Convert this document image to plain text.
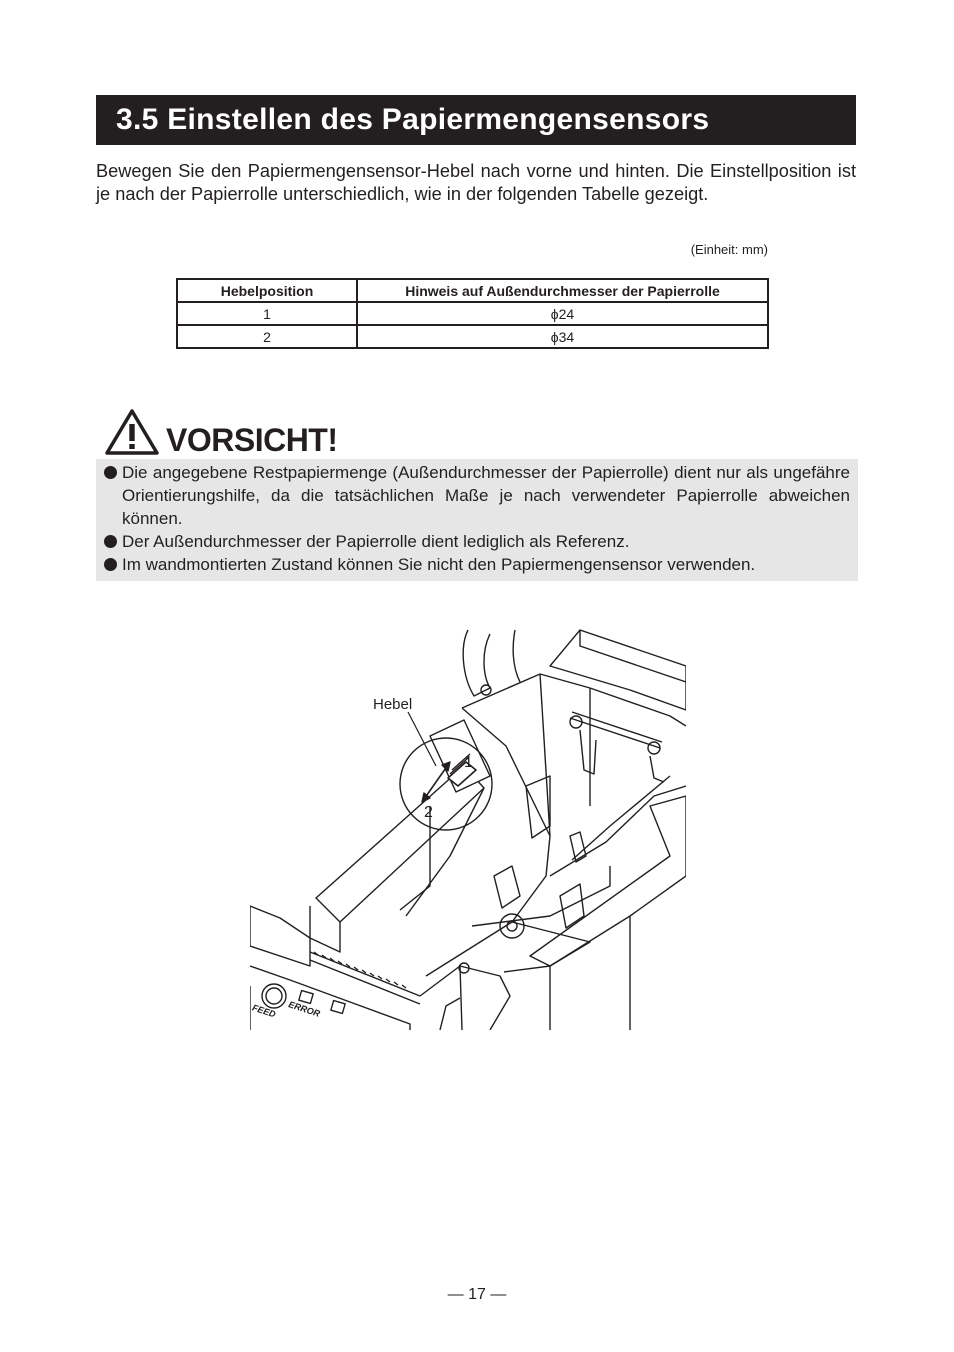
3.5 Einstellen des Papiermengensensors

Bewegen Sie den Papiermengensensor-Hebel nach vorne und hinten. Die Einstellposition ist je nach der Papierrolle unterschiedlich, wie in der folgenden Tabelle gezeigt.

(Einheit: mm)
Hebelposition	Hinweis auf Außendurchmesser der Papierrolle
1	ϕ24
2	ϕ34
VORSICHT!
Die angegebene Restpapiermenge (Außendurchmesser der Papierrolle) dient nur als ungefähre Orientierungshilfe, da die tatsächlichen Maße je nach verwendeter Papierrolle abweichen können.
Der Außendurchmesser der Papierrolle dient lediglich als Referenz.
Im wandmontierten Zustand können Sie nicht den Papiermengensensor verwenden.
Hebel
1
2
FEED ERROR
— 17 —
